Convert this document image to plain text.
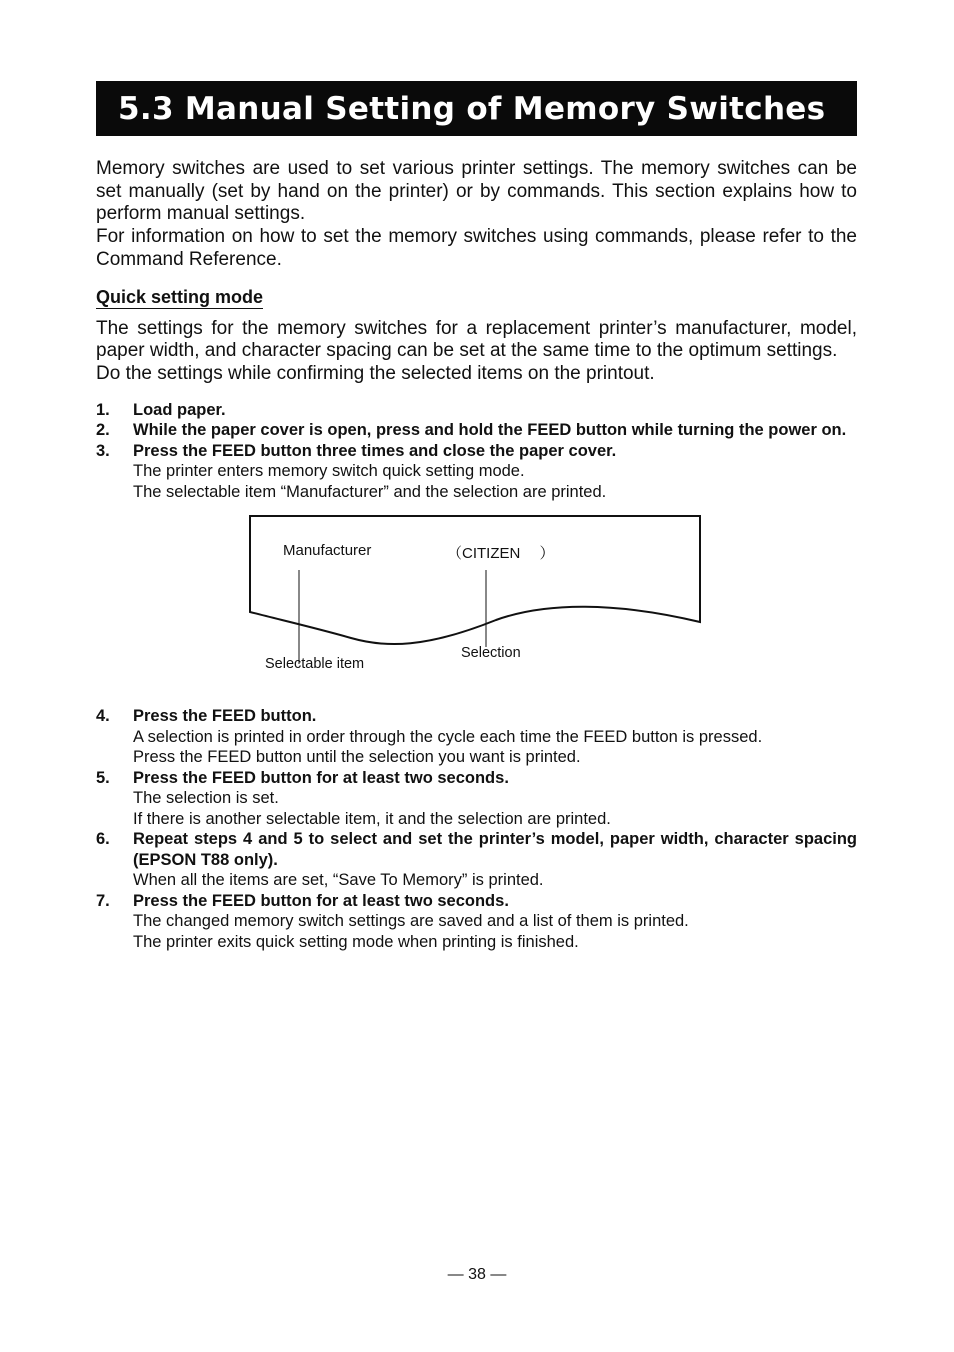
5.3 Manual Setting of Memory Switches

Memory switches are used to set various printer settings. The memory switches can be set manually (set by hand on the printer) or by commands. This section explains how to perform manual settings.

For information on how to set the memory switches using commands, please refer to the Command Reference.

Quick setting mode

The settings for the memory switches for a replacement printer’s manufacturer, model, paper width, and character spacing can be set at the same time to the optimum settings.

Do the settings while confirming the selected items on the printout.

1.	Load paper.
2.	While the paper cover is open, press and hold the FEED button while turning the power on.
3.	Press the FEED button three times and close the paper cover.
The printer enters memory switch quick setting mode.
The selectable item “Manufacturer” and the selection are printed.
Manufacturer	（CITIZEN　 ）
Selectable item
Selection
4.	Press the FEED button.
A selection is printed in order through the cycle each time the FEED button is pressed.
Press the FEED button until the selection you want is printed.
5.	Press the FEED button for at least two seconds.
The selection is set.
If there is another selectable item, it and the selection are printed.
6.	Repeat steps 4 and 5 to select and set the printer’s model, paper width, character spacing (EPSON T88 only).
When all the items are set, “Save To Memory” is printed.
7.	Press the FEED button for at least two seconds.
The changed memory switch settings are saved and a list of them is printed.
The printer exits quick setting mode when printing is finished.
— 38 —
